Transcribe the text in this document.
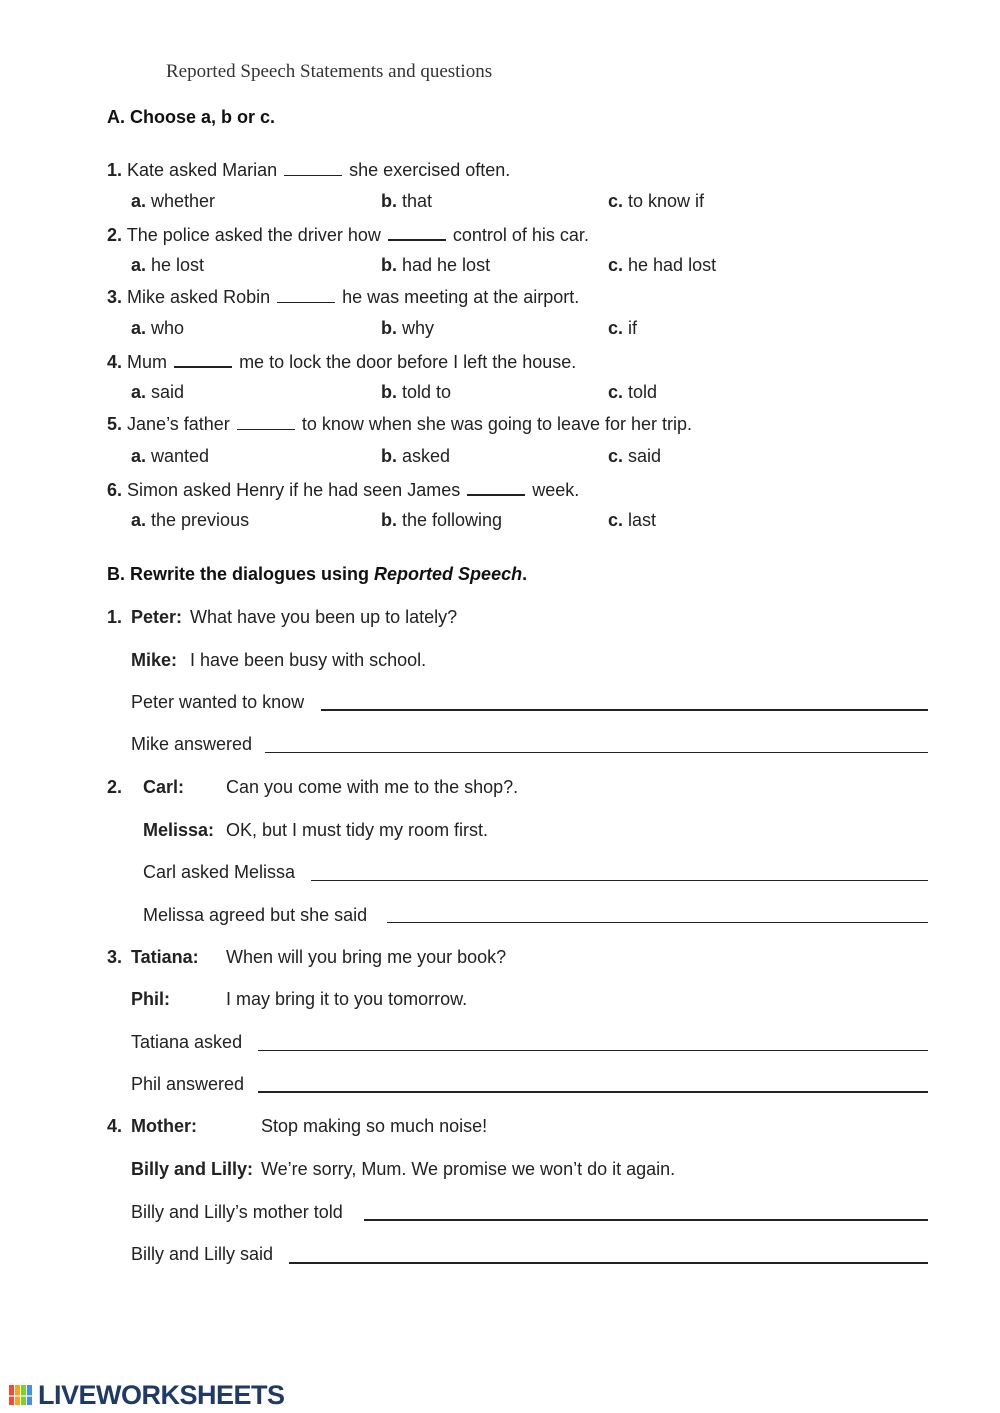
Reported Speech Statements and questions
A. Choose a, b or c.
1. Kate asked Marian	she exercised often.
a. whether	b. that	c. to know if
2. The police asked the driver how	control of his car.
a. he lost	b. had he lost	c. he had lost
3. Mike asked Robin	he was meeting at the airport.
a. who	b. why	c. if
4. Mum	me to lock the door before I left the house.
a. said	b. told to	c. told
5. Jane’s father	to know when she was going to leave for her trip.
a. wanted	b. asked	c. said
6. Simon asked Henry if he had seen James	week.
a. the previous	b. the following	c. last
B. Rewrite the dialogues using Reported Speech.
1. Peter: What have you been up to lately?
Mike: I have been busy with school.
Peter wanted to know
Mike answered
2. Carl: Can you come with me to the shop?.
Melissa: OK, but I must tidy my room first.
Carl asked Melissa
Melissa agreed but she said
3. Tatiana: When will you bring me your book?
Phil:	I may bring it to you tomorrow.
Tatiana asked
Phil answered
4. Mother:	Stop making so much noise!
Billy and Lilly: We’re sorry, Mum. We promise we won’t do it again.
Billy and Lilly’s mother told
Billy and Lilly said
LIVEWORKSHEETS
